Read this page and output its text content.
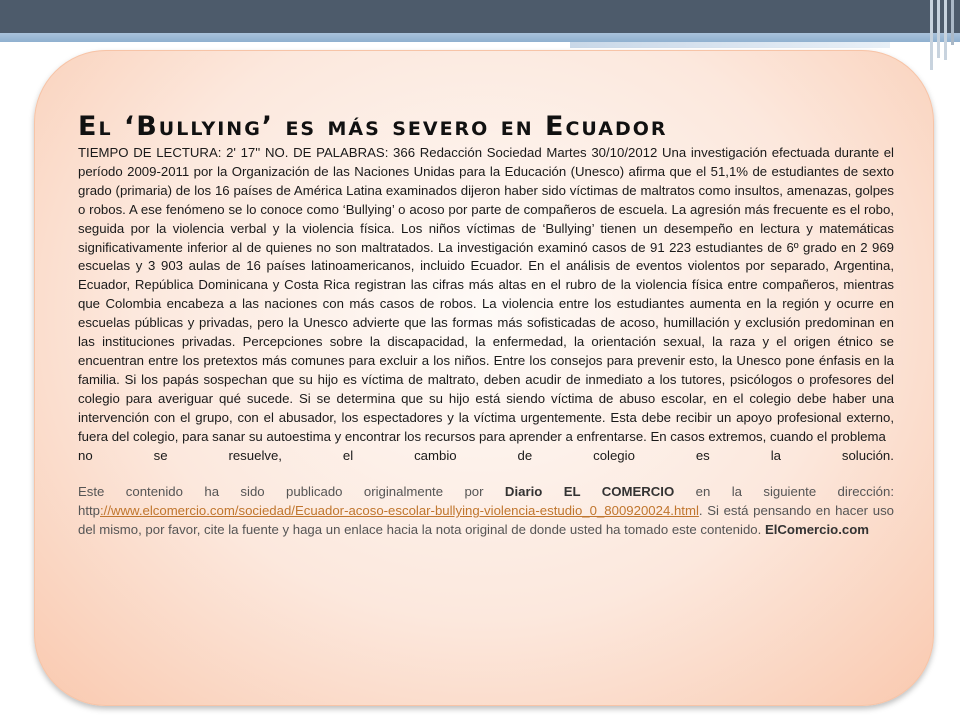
El ‘Bullying’ es más severo en Ecuador

TIEMPO DE LECTURA: 2' 17'' NO. DE PALABRAS: 366 Redacción Sociedad Martes 30/10/2012 Una investigación efectuada durante el período 2009-2011 por la Organización de las Naciones Unidas para la Educación (Unesco) afirma que el 51,1% de estudiantes de sexto grado (primaria) de los 16 países de América Latina examinados dijeron haber sido víctimas de maltratos como insultos, amenazas, golpes o robos. A ese fenómeno se lo conoce como ‘Bullying’ o acoso por parte de compañeros de escuela. La agresión más frecuente es el robo, seguida por la violencia verbal y la violencia física. Los niños víctimas de ‘Bullying’ tienen un desempeño en lectura y matemáticas significativamente inferior al de quienes no son maltratados. La investigación examinó casos de 91 223 estudiantes de 6º grado en 2 969 escuelas y 3 903 aulas de 16 países latinoamericanos, incluido Ecuador. En el análisis de eventos violentos por separado, Argentina, Ecuador, República Dominicana y Costa Rica registran las cifras más altas en el rubro de la violencia física entre compañeros, mientras que Colombia encabeza a las naciones con más casos de robos. La violencia entre los estudiantes aumenta en la región y ocurre en escuelas públicas y privadas, pero la Unesco advierte que las formas más sofisticadas de acoso, humillación y exclusión predominan en las instituciones privadas. Percepciones sobre la discapacidad, la enfermedad, la orientación sexual, la raza y el origen étnico se encuentran entre los pretextos más comunes para excluir a los niños. Entre los consejos para prevenir esto, la Unesco pone énfasis en la familia. Si los papás sospechan que su hijo es víctima de maltrato, deben acudir de inmediato a los tutores, psicólogos o profesores del colegio para averiguar qué sucede. Si se determina que su hijo está siendo víctima de abuso escolar, en el colegio debe haber una intervención con el grupo, con el abusador, los espectadores y la víctima urgentemente. Esta debe recibir un apoyo profesional externo, fuera del colegio, para sanar su autoestima y encontrar los recursos para aprender a enfrentarse. En casos extremos, cuando el problema

no	se	resuelve,	el	cambio	de	colegio	es	la	solución.

Este contenido ha sido publicado originalmente por Diario EL COMERCIO en la siguiente dirección: http://www.elcomercio.com/sociedad/Ecuador-acoso-escolar-bullying-violencia-estudio_0_800920024.html. Si está pensando en hacer uso del mismo, por favor, cite la fuente y haga un enlace hacia la nota original de donde usted ha tomado este contenido. ElComercio.com
